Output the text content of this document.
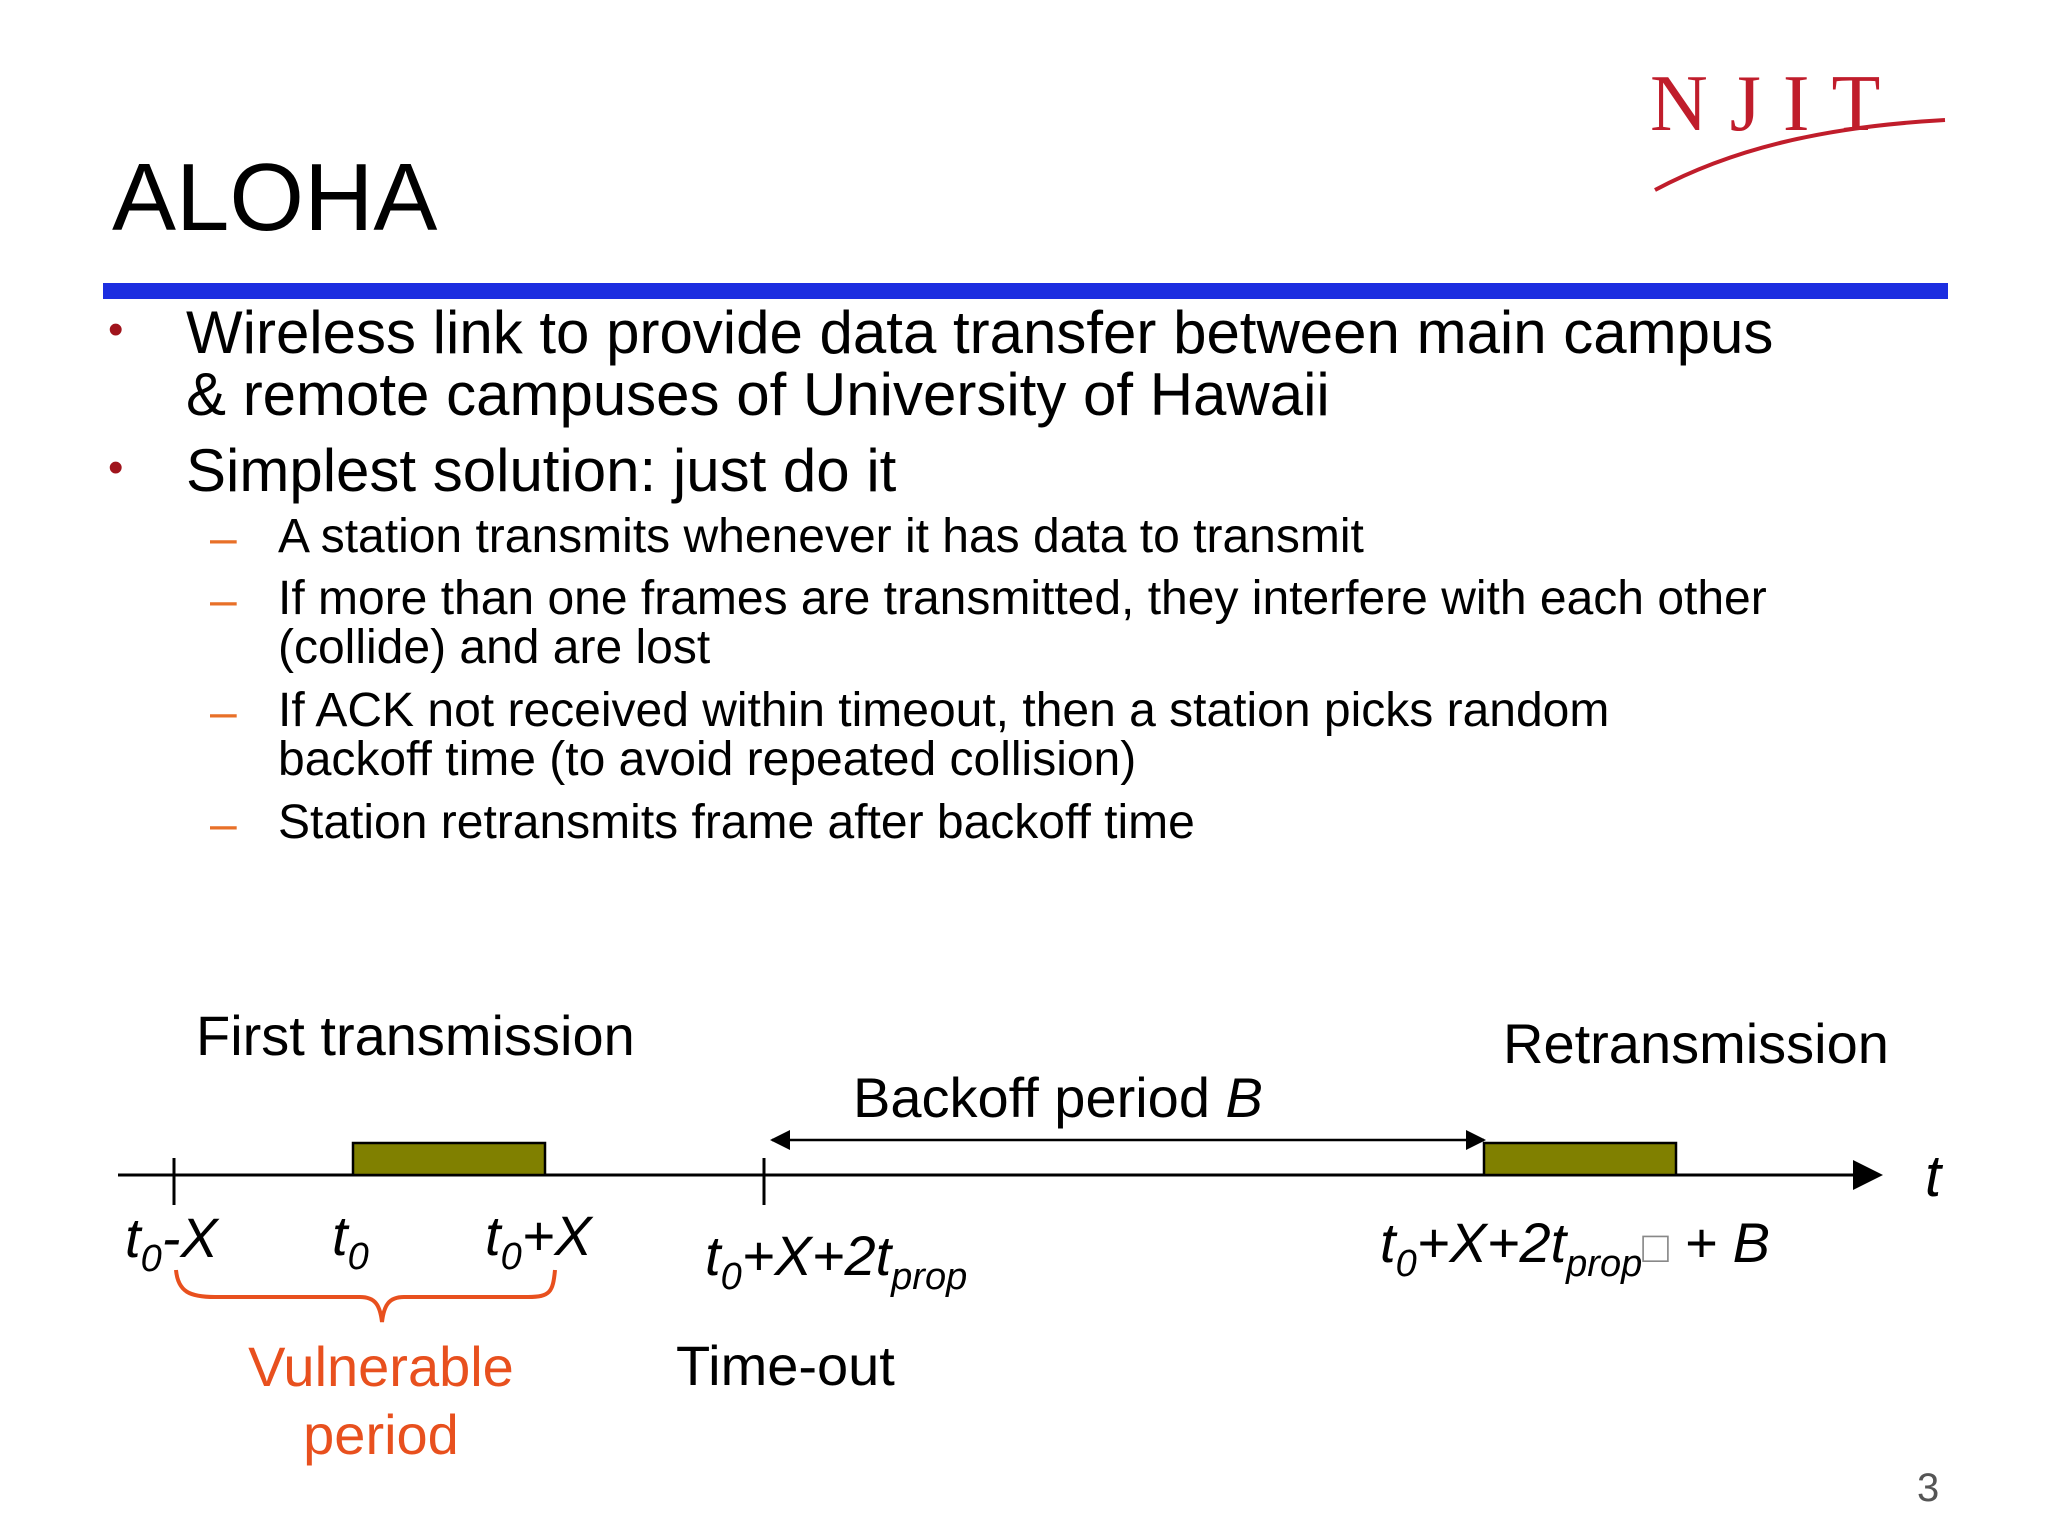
NJIT
ALOHA
• Wireless link to provide data transfer between main campus
& remote campuses of University of Hawaii
• Simplest solution: just do it
– A station transmits whenever it has data to transmit
– If more than one frames are transmitted, they interfere with each other
(collide) and are lost
– If ACK not received within timeout, then a station picks random
backoff time (to avoid repeated collision)
– Station retransmits frame after backoff time
First transmission	Retransmission
Backoff period B
t
$t_0-X$ $t_0$ $t_0+X$ $t_0+X+2t_{prop}$
$t_0+X+2t_{prop}□ + B$
Vulnerable
period
Time-out
3
